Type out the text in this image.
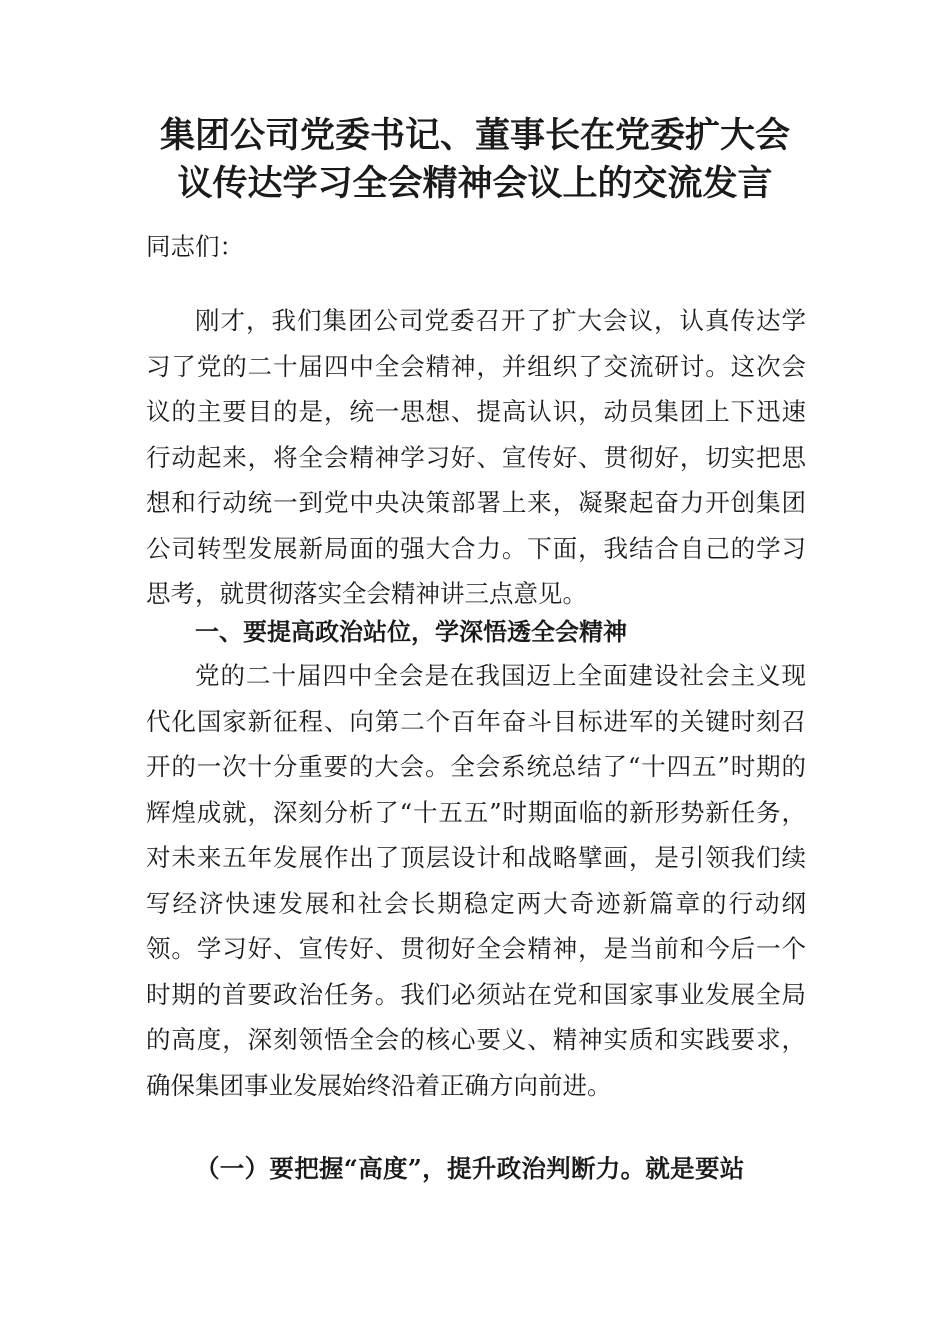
集团公司党委书记、董事长在党委扩大会
议传达学习全会精神会议上的交流发言

同志们：

刚才，我们集团公司党委召开了扩大会议，认真传达学习了党的二十届四中全会精神，并组织了交流研讨。这次会议的主要目的是，统一思想、提高认识，动员集团上下迅速行动起来，将全会精神学习好、宣传好、贯彻好，切实把思想和行动统一到党中央决策部署上来，凝聚起奋力开创集团公司转型发展新局面的强大合力。下面，我结合自己的学习思考，就贯彻落实全会精神讲三点意见。

一、要提高政治站位，学深悟透全会精神

党的二十届四中全会是在我国迈上全面建设社会主义现代化国家新征程、向第二个百年奋斗目标进军的关键时刻召开的一次十分重要的大会。全会系统总结了“十四五”时期的辉煌成就，深刻分析了“十五五”时期面临的新形势新任务，对未来五年发展作出了顶层设计和战略擘画，是引领我们续写经济快速发展和社会长期稳定两大奇迹新篇章的行动纲领。学习好、宣传好、贯彻好全会精神，是当前和今后一个时期的首要政治任务。我们必须站在党和国家事业发展全局的高度，深刻领悟全会的核心要义、精神实质和实践要求，确保集团事业发展始终沿着正确方向前进。

（一）要把握“高度”，提升政治判断力。就是要站
